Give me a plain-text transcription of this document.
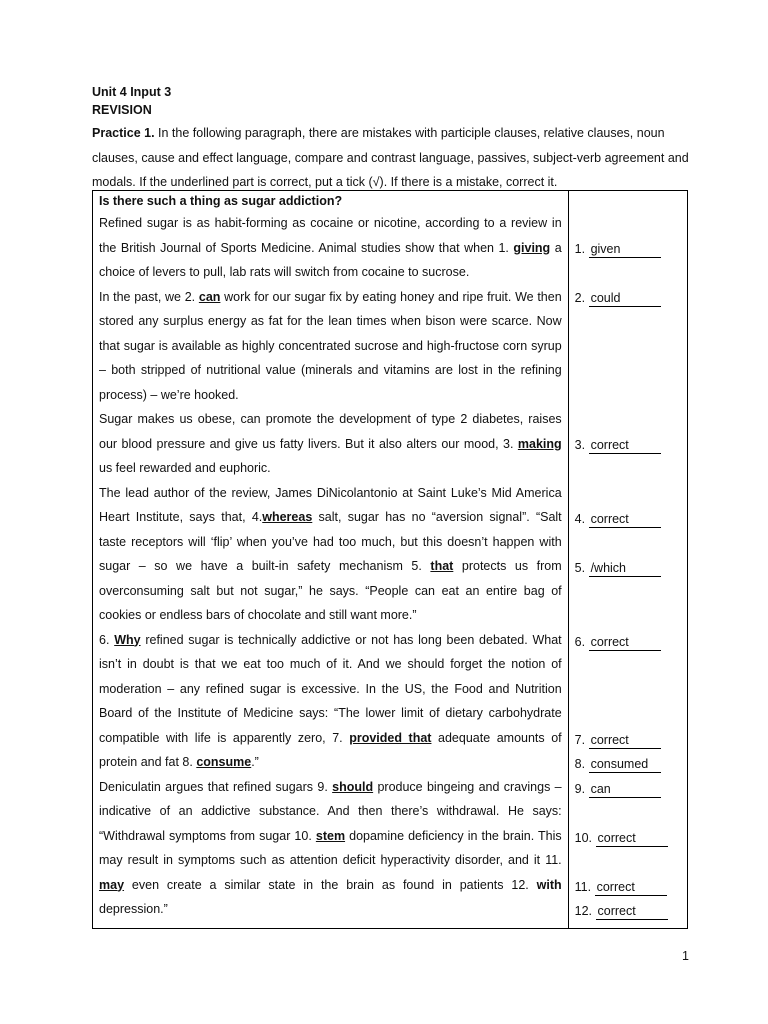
Unit 4 Input 3
REVISION
Practice 1. In the following paragraph, there are mistakes with participle clauses, relative clauses, noun clauses, cause and effect language, compare and contrast language, passives, subject-verb agreement and modals. If the underlined part is correct, put a tick (√). If there is a mistake, correct it.
Is there such a thing as sugar addiction?
Refined sugar is as habit-forming as cocaine or nicotine, according to a review in the British Journal of Sports Medicine. Animal studies show that when 1. giving a choice of levers to pull, lab rats will switch from cocaine to sucrose.
In the past, we 2. can work for our sugar fix by eating honey and ripe fruit. We then stored any surplus energy as fat for the lean times when bison were scarce. Now that sugar is available as highly concentrated sucrose and high-fructose corn syrup – both stripped of nutritional value (minerals and vitamins are lost in the refining process) – we’re hooked.
Sugar makes us obese, can promote the development of type 2 diabetes, raises our blood pressure and give us fatty livers. But it also alters our mood, 3. making us feel rewarded and euphoric.
The lead author of the review, James DiNicolantonio at Saint Luke’s Mid America Heart Institute, says that, 4.whereas salt, sugar has no “aversion signal”. “Salt taste receptors will ‘flip’ when you’ve had too much, but this doesn’t happen with sugar – so we have a built-in safety mechanism 5. that protects us from overconsuming salt but not sugar,” he says. “People can eat an entire bag of cookies or endless bars of chocolate and still want more.”
6. Why refined sugar is technically addictive or not has long been debated. What isn’t in doubt is that we eat too much of it. And we should forget the notion of moderation – any refined sugar is excessive. In the US, the Food and Nutrition Board of the Institute of Medicine says: “The lower limit of dietary carbohydrate compatible with life is apparently zero, 7. provided that adequate amounts of protein and fat 8. consume.”
Deniculatin argues that refined sugars 9. should produce bingeing and cravings – indicative of an addictive substance. And then there’s withdrawal. He says: “Withdrawal symptoms from sugar 10. stem dopamine deficiency in the brain. This may result in symptoms such as attention deficit hyperactivity disorder, and it 11. may even create a similar state in the brain as found in patients 12. with depression.”

1. given
2. could
3. correct
4. correct
5. /which
6. correct
7. correct
8. consumed
9. can
10. correct
11. correct
12. correct
1
